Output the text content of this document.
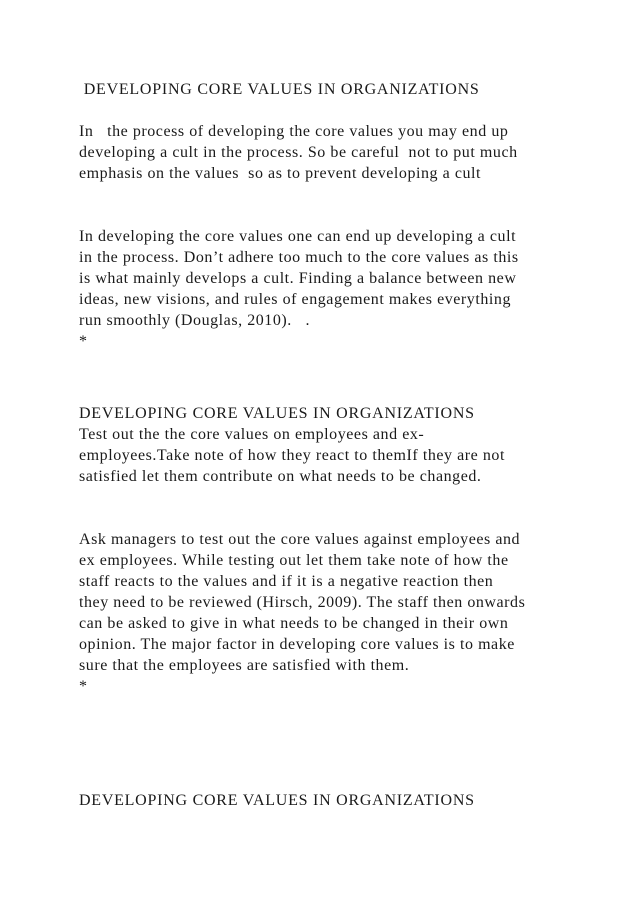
DEVELOPING CORE VALUES IN ORGANIZATIONS
In   the process of developing the core values you may end up
developing a cult in the process. So be careful  not to put much
emphasis on the values  so as to prevent developing a cult
In developing the core values one can end up developing a cult
in the process. Don’t adhere too much to the core values as this
is what mainly develops a cult. Finding a balance between new
ideas, new visions, and rules of engagement makes everything
run smoothly (Douglas, 2010).   .
*
DEVELOPING CORE VALUES IN ORGANIZATIONS
Test out the the core values on employees and ex-
employees.Take note of how they react to themIf they are not
satisfied let them contribute on what needs to be changed.
Ask managers to test out the core values against employees and
ex employees. While testing out let them take note of how the
staff reacts to the values and if it is a negative reaction then
they need to be reviewed (Hirsch, 2009). The staff then onwards
can be asked to give in what needs to be changed in their own
opinion. The major factor in developing core values is to make
sure that the employees are satisfied with them.
*
DEVELOPING CORE VALUES IN ORGANIZATIONS
